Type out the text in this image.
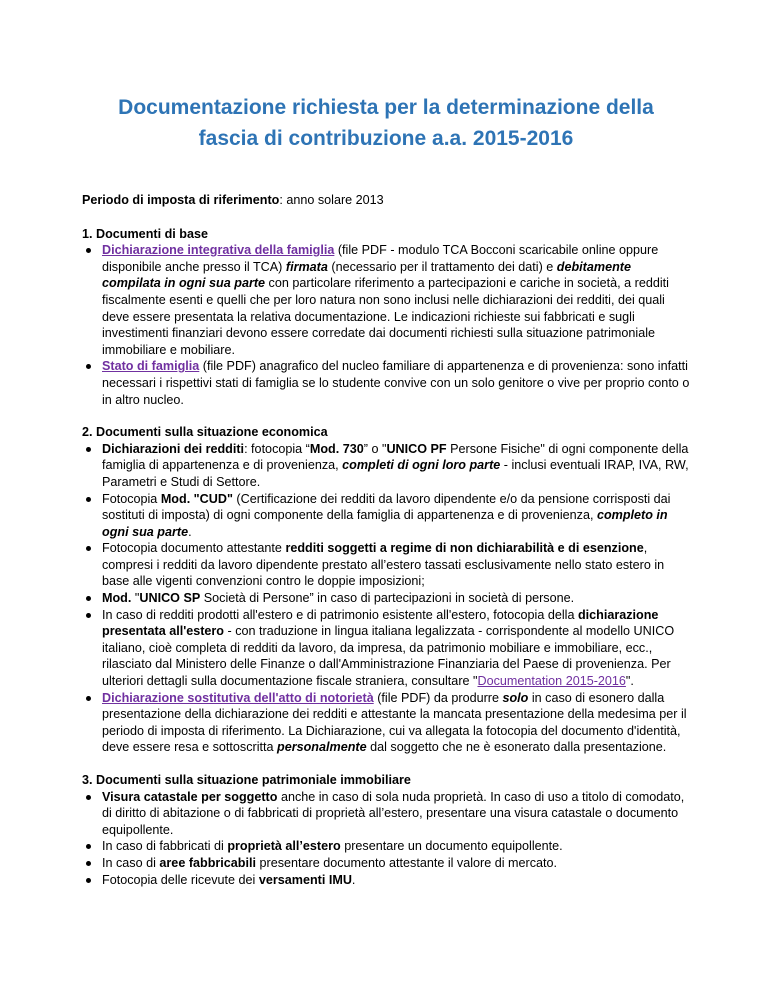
Documentazione richiesta per la determinazione della fascia di contribuzione a.a. 2015-2016

Periodo di imposta di riferimento: anno solare 2013

1. Documenti di base

Dichiarazione integrativa della famiglia (file PDF - modulo TCA Bocconi scaricabile online oppure disponibile anche presso il TCA) firmata (necessario per il trattamento dei dati) e debitamente compilata in ogni sua parte con particolare riferimento a partecipazioni e cariche in società, a redditi fiscalmente esenti e quelli che per loro natura non sono inclusi nelle dichiarazioni dei redditi, dei quali deve essere presentata la relativa documentazione. Le indicazioni richieste sui fabbricati e sugli investimenti finanziari devono essere corredate dai documenti richiesti sulla situazione patrimoniale immobiliare e mobiliare.
Stato di famiglia (file PDF) anagrafico del nucleo familiare di appartenenza e di provenienza: sono infatti necessari i rispettivi stati di famiglia se lo studente convive con un solo genitore o vive per proprio conto o in altro nucleo.

2. Documenti sulla situazione economica

Dichiarazioni dei redditi: fotocopia “Mod. 730” o "UNICO PF Persone Fisiche" di ogni componente della famiglia di appartenenza e di provenienza, completi di ogni loro parte - inclusi eventuali IRAP, IVA, RW, Parametri e Studi di Settore.
Fotocopia Mod. "CUD" (Certificazione dei redditi da lavoro dipendente e/o da pensione corrisposti dai sostituti di imposta) di ogni componente della famiglia di appartenenza e di provenienza, completo in ogni sua parte.
Fotocopia documento attestante redditi soggetti a regime di non dichiarabilità e di esenzione, compresi i redditi da lavoro dipendente prestato all’estero tassati esclusivamente nello stato estero in base alle vigenti convenzioni contro le doppie imposizioni;
Mod. "UNICO SP Società di Persone” in caso di partecipazioni in società di persone.
In caso di redditi prodotti all'estero e di patrimonio esistente all'estero, fotocopia della dichiarazione presentata all'estero - con traduzione in lingua italiana legalizzata - corrispondente al modello UNICO italiano, cioè completa di redditi da lavoro, da impresa, da patrimonio mobiliare e immobiliare, ecc., rilasciato dal Ministero delle Finanze o dall'Amministrazione Finanziaria del Paese di provenienza. Per ulteriori dettagli sulla documentazione fiscale straniera, consultare "Documentation 2015-2016".
Dichiarazione sostitutiva dell'atto di notorietà (file PDF) da produrre solo in caso di esonero dalla presentazione della dichiarazione dei redditi e attestante la mancata presentazione della medesima per il periodo di imposta di riferimento. La Dichiarazione, cui va allegata la fotocopia del documento d'identità, deve essere resa e sottoscritta personalmente dal soggetto che ne è esonerato dalla presentazione.

3. Documenti sulla situazione patrimoniale immobiliare

Visura catastale per soggetto anche in caso di sola nuda proprietà. In caso di uso a titolo di comodato, di diritto di abitazione o di fabbricati di proprietà all’estero, presentare una visura catastale o documento equipollente.
In caso di fabbricati di proprietà all’estero presentare un documento equipollente.
In caso di aree fabbricabili presentare documento attestante il valore di mercato.
Fotocopia delle ricevute dei versamenti IMU.
